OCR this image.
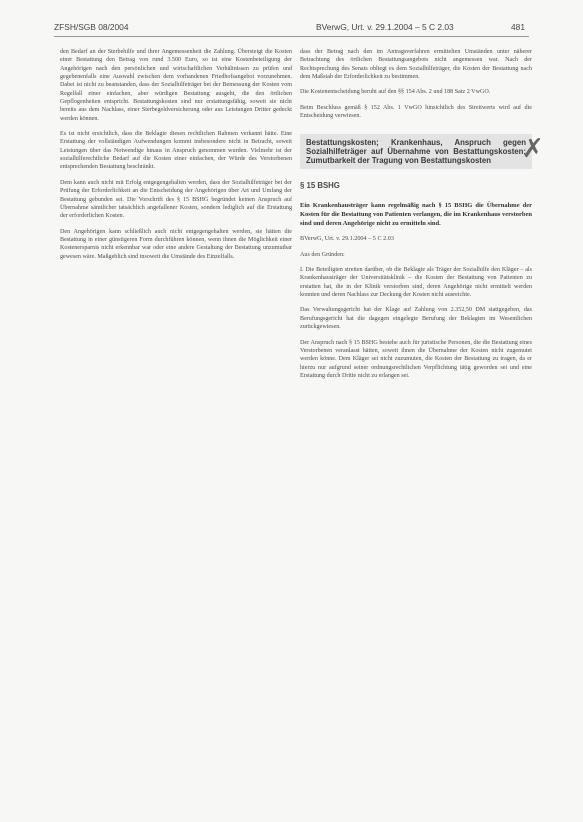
ZFSH/SGB 08/2004	BVerwG, Urt. v. 29.1.2004 – 5 C 2.03	481

den Bedarf an der Sterbehilfe und ihrer Angemessenheit die Zahlung. Übersteigt die Kosten einer Bestattung den Betrag von rund 3.500 Euro, so ist eine Kostenbeteiligung der Angehörigen nach den persönlichen und wirtschaftlichen Verhältnissen zu prüfen und gegebenenfalls eine Auswahl zwischen dem vorhandenen Friedhofsangebot vorzunehmen. Dabei ist nicht zu beanstanden, dass der Sozialhilfeträger bei der Bemessung der Kosten vom Regelfall einer einfachen, aber würdigen Bestattung ausgeht, die den örtlichen Gepflogenheiten entspricht. Bestattungskosten sind nur erstattungsfähig, soweit sie nicht bereits aus dem Nachlass, einer Sterbegeldversicherung oder aus Leistungen Dritter gedeckt werden können.

Es ist nicht ersichtlich, dass die Beklagte diesen rechtlichen Rahmen verkannt hätte. Eine Erstattung der vollständigen Aufwendungen kommt insbesondere nicht in Betracht, soweit Leistungen über das Notwendige hinaus in Anspruch genommen wurden. Vielmehr ist der sozialhilferechtliche Bedarf auf die Kosten einer einfachen, der Würde des Verstorbenen entsprechenden Bestattung beschränkt.

Dem kann auch nicht mit Erfolg entgegengehalten werden, dass der Sozialhilfeträger bei der Prüfung der Erforderlichkeit an die Entscheidung der Angehörigen über Art und Umfang der Bestattung gebunden sei. Die Vorschrift des § 15 BSHG begründet keinen Anspruch auf Übernahme sämtlicher tatsächlich angefallener Kosten, sondern lediglich auf die Erstattung der erforderlichen Kosten.

Den Angehörigen kann schließlich auch nicht entgegengehalten werden, sie hätten die Bestattung in einer günstigeren Form durchführen können, wenn ihnen die Möglichkeit einer Kostenersparnis nicht erkennbar war oder eine andere Gestaltung der Bestattung unzumutbar gewesen wäre. Maßgeblich sind insoweit die Umstände des Einzelfalls.

dass der Betrag nach den im Antragsverfahren ermittelten Umständen unter näherer Betrachtung des örtlichen Bestattungsangebots nicht angemessen war. Nach der Rechtsprechung des Senats obliegt es dem Sozialhilfeträger, die Kosten der Bestattung nach dem Maßstab der Erforderlichkeit zu bestimmen.

Die Kostenentscheidung beruht auf den §§ 154 Abs. 2 und 188 Satz 2 VwGO.

Beim Beschluss gemäß § 152 Abs. 1 VwGO hinsichtlich des Streitwerts wird auf die Entscheidung verwiesen.

Bestattungskosten; Krankenhaus, Anspruch gegen Sozialhilfeträger auf Übernahme von Bestattungskosten; Zumutbarkeit der Tragung von Bestattungskosten ✗
§ 15 BSHG

Ein Krankenhausträger kann regelmäßig nach § 15 BSHG die Übernahme der Kosten für die Bestattung von Patienten verlangen, die im Krankenhaus verstorben sind und deren Angehörige nicht zu ermitteln sind.

BVerwG, Urt. v. 29.1.2004 – 5 C 2.03

Aus den Gründen:

I. Die Beteiligten streiten darüber, ob die Beklagte als Träger der Sozialhilfe den Kläger – als Krankenhausträger der Universitätsklinik – die Kosten der Bestattung von Patienten zu erstatten hat, die in der Klinik verstorben sind, deren Angehörige nicht ermittelt werden konnten und deren Nachlass zur Deckung der Kosten nicht ausreichte.

Das Verwaltungsgericht hat der Klage auf Zahlung von 2.352,50 DM stattgegeben, das Berufungsgericht hat die dagegen eingelegte Berufung der Beklagten im Wesentlichen zurückgewiesen.

Der Anspruch nach § 15 BSHG bestehe auch für juristische Personen, die die Bestattung eines Verstorbenen veranlasst hätten, soweit ihnen die Übernahme der Kosten nicht zugemutet werden könne. Dem Kläger sei nicht zuzumuten, die Kosten der Bestattung zu tragen, da er hierzu nur aufgrund seiner ordnungsrechtlichen Verpflichtung tätig geworden sei und eine Erstattung durch Dritte nicht zu erlangen sei.
